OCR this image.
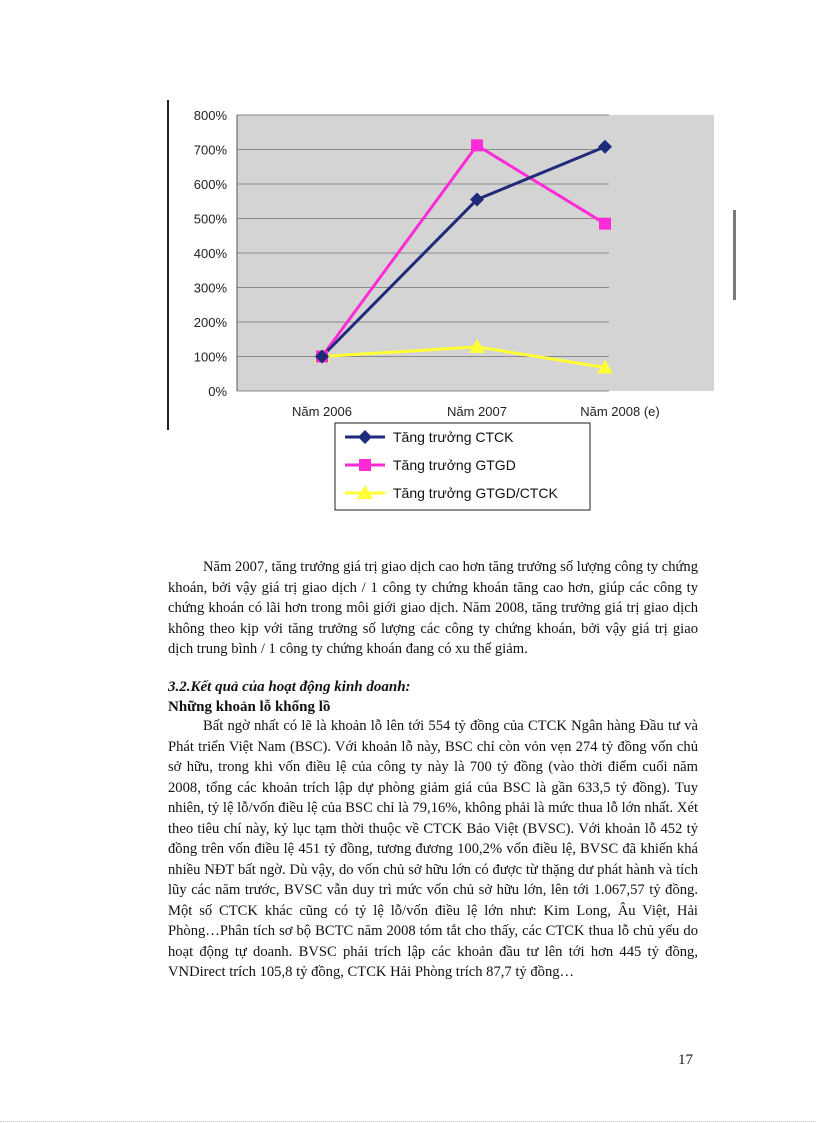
0%
100%
200%
300%
400%
500%
600%
700%
800%
Năm 2006	Năm 2007	Năm 2008 (e)
Tăng trưởng CTCK
Tăng trưởng GTGD
Tăng trưởng GTGD/CTCK

Năm 2007, tăng trưởng giá trị giao dịch cao hơn tăng trưởng số lượng công ty chứng khoán, bởi vậy giá trị giao dịch / 1 công ty chứng khoán tăng cao hơn, giúp các công ty chứng khoán có lãi hơn trong môi giới giao dịch. Năm 2008, tăng trưởng giá trị giao dịch không theo kịp với tăng trưởng số lượng các công ty chứng khoán, bởi vậy giá trị giao dịch trung bình / 1 công ty chứng khoán đang có xu thế giảm.

3.2.Kết quả của hoạt động kinh doanh:

Những khoản lỗ khổng lồ

Bất ngờ nhất có lẽ là khoản lỗ lên tới 554 tỷ đồng của CTCK Ngân hàng Đầu tư và Phát triển Việt Nam (BSC). Với khoản lỗ này, BSC chỉ còn vỏn vẹn 274 tỷ đồng vốn chủ sở hữu, trong khi vốn điều lệ của công ty này là 700 tỷ đồng (vào thời điểm cuối năm 2008, tổng các khoản trích lập dự phòng giảm giá của BSC là gần 633,5 tỷ đồng). Tuy nhiên, tỷ lệ lỗ/vốn điều lệ của BSC chỉ là 79,16%, không phải là mức thua lỗ lớn nhất. Xét theo tiêu chí này, kỷ lục tạm thời thuộc về CTCK Bảo Việt (BVSC). Với khoản lỗ 452 tỷ đồng trên vốn điều lệ 451 tỷ đồng, tương đương 100,2% vốn điều lệ, BVSC đã khiến khá nhiều NĐT bất ngờ. Dù vậy, do vốn chủ sở hữu lớn có được từ thặng dư phát hành và tích lũy các năm trước, BVSC vẫn duy trì mức vốn chủ sở hữu lớn, lên tới 1.067,57 tỷ đồng. Một số CTCK khác cũng có tỷ lệ lỗ/vốn điều lệ lớn như: Kim Long, Âu Việt, Hải Phòng…Phân tích sơ bộ BCTC năm 2008 tóm tắt cho thấy, các CTCK thua lỗ chủ yếu do hoạt động tự doanh. BVSC phải trích lập các khoản đầu tư lên tới hơn 445 tỷ đồng, VNDirect trích 105,8 tỷ đồng, CTCK Hải Phòng trích 87,7 tỷ đồng…

17
